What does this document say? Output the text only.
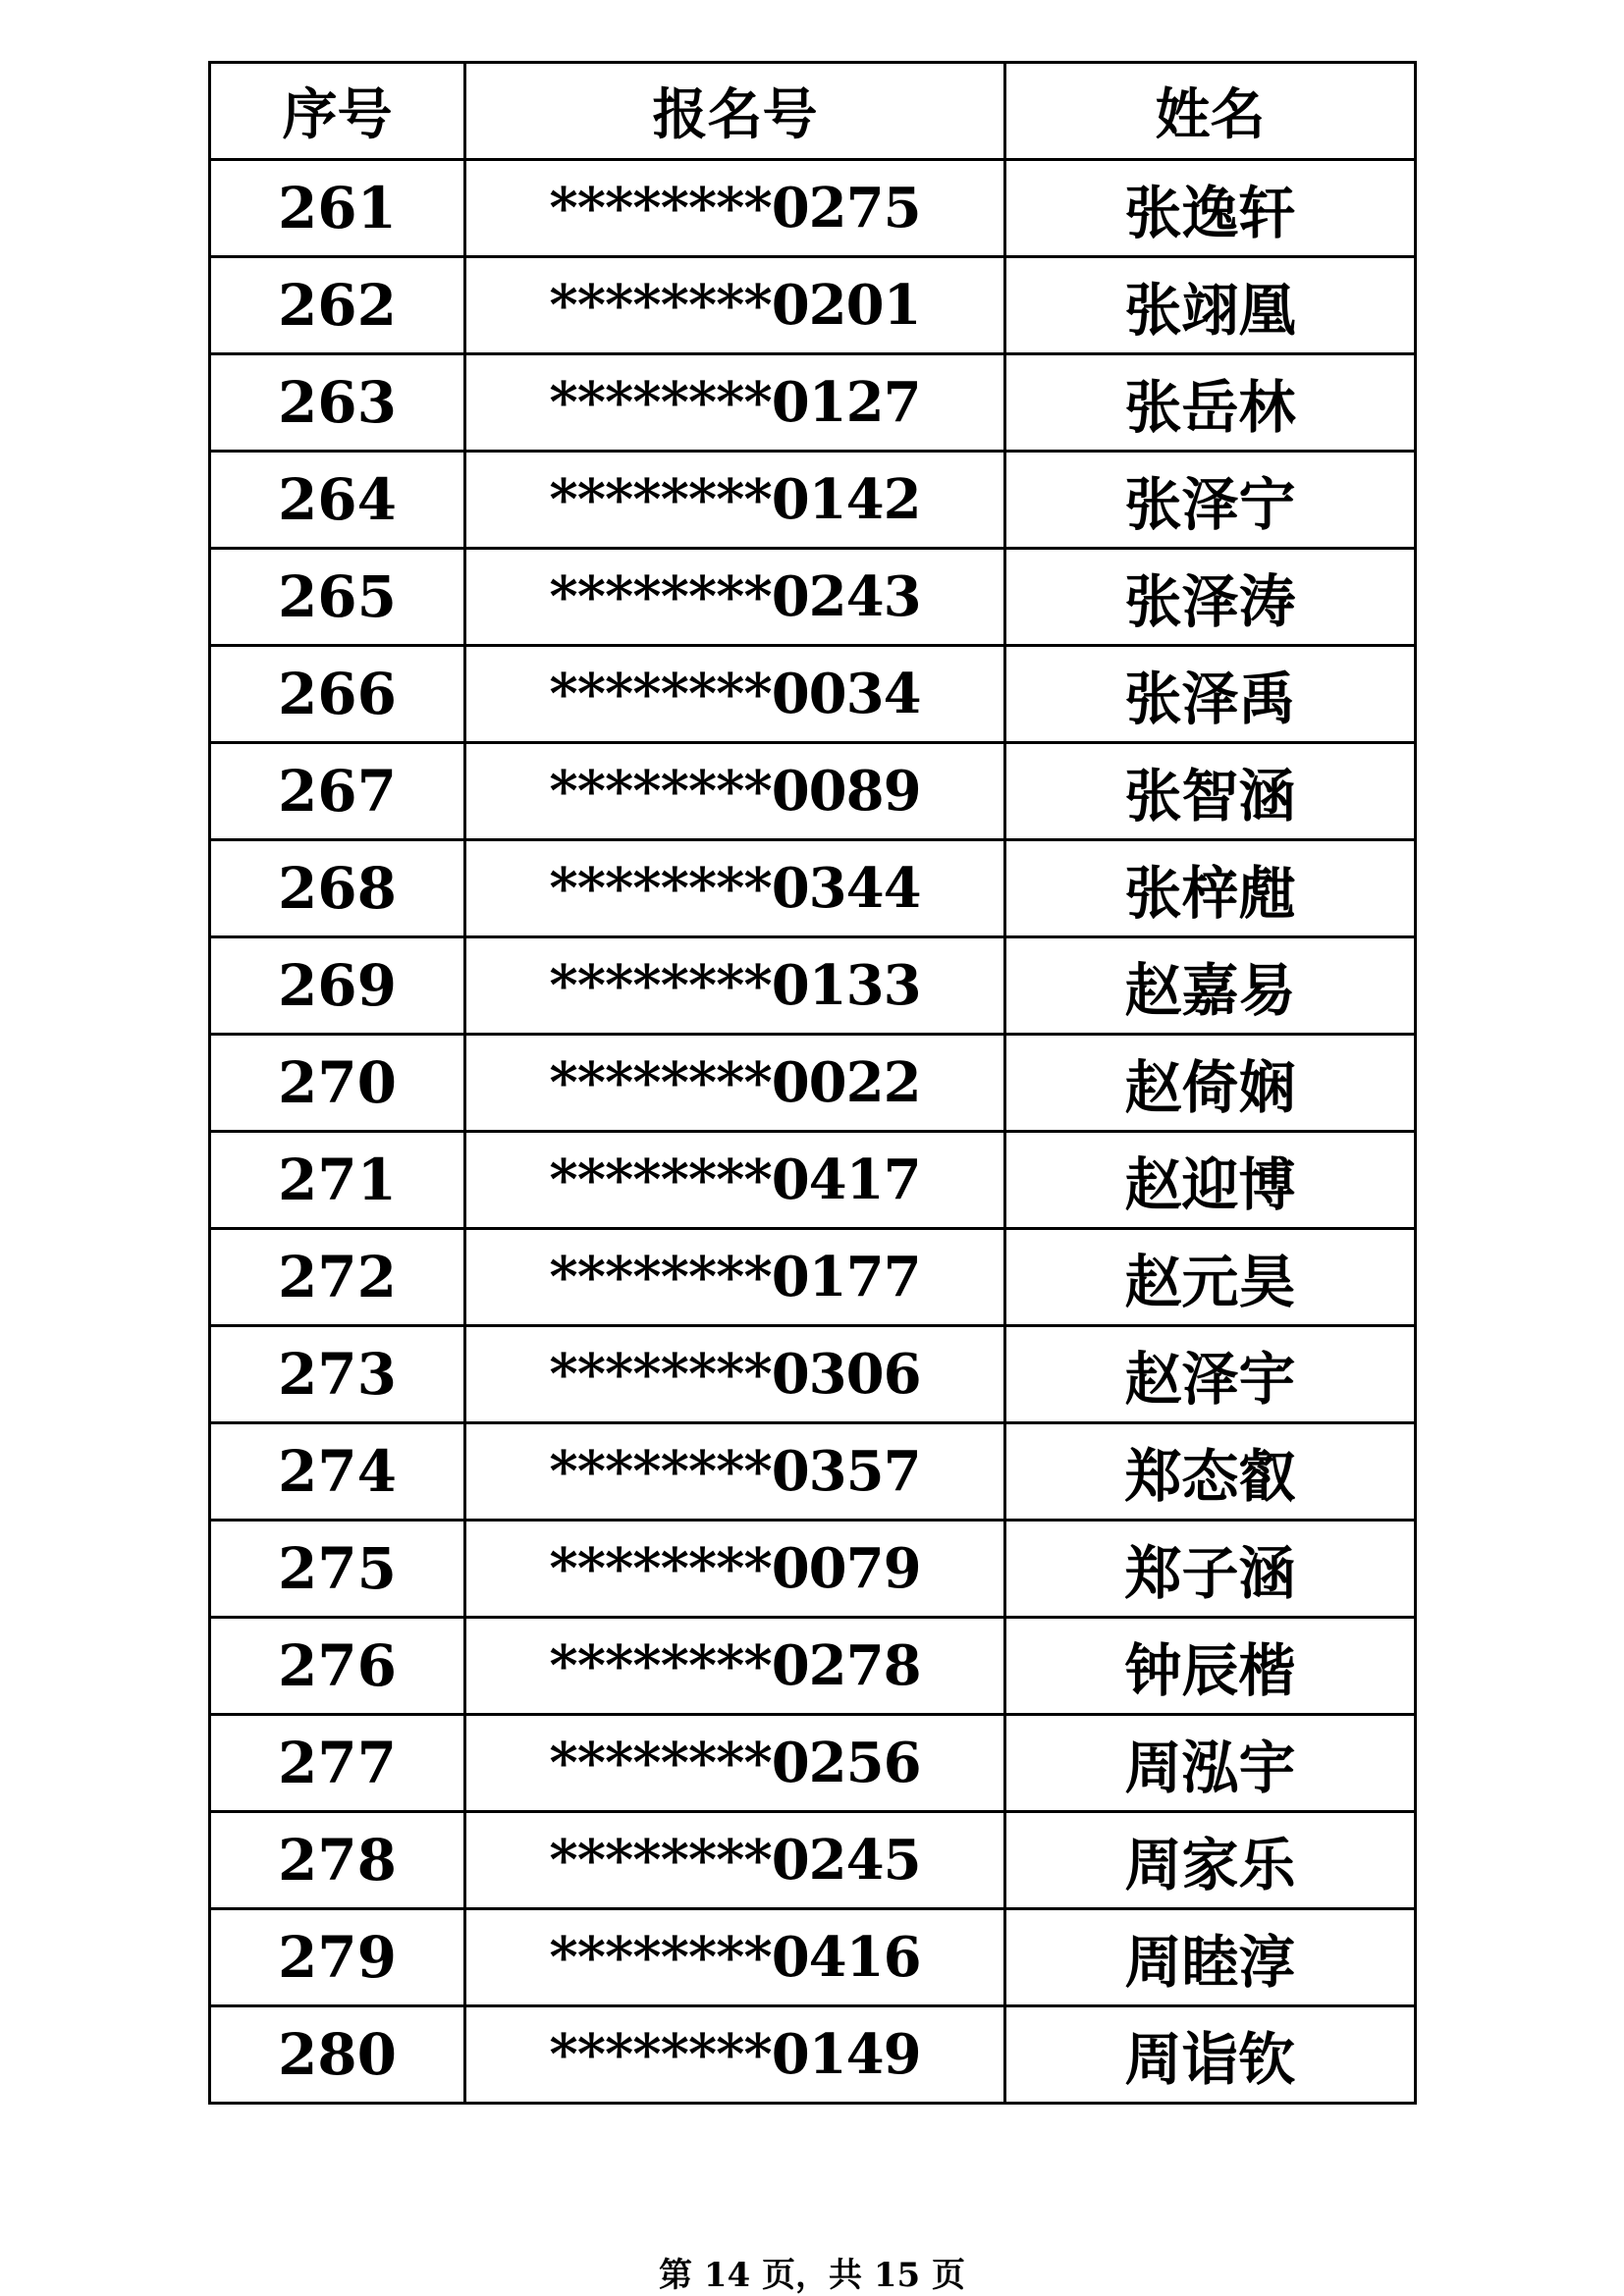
序号	报名号	姓名
261	********0275	张逸轩
262	********0201	张翊凰
263	********0127	张岳林
264	********0142	张泽宁
265	********0243	张泽涛
266	********0034	张泽禹
267	********0089	张智涵
268	********0344	张梓甝
269	********0133	赵嘉易
270	********0022	赵倚娴
271	********0417	赵迎博
272	********0177	赵元昊
273	********0306	赵泽宇
274	********0357	郑态叡
275	********0079	郑子涵
276	********0278	钟辰楷
277	********0256	周泓宇
278	********0245	周家乐
279	********0416	周睦淳
280	********0149	周诣钦
第 14 页，共 15 页
